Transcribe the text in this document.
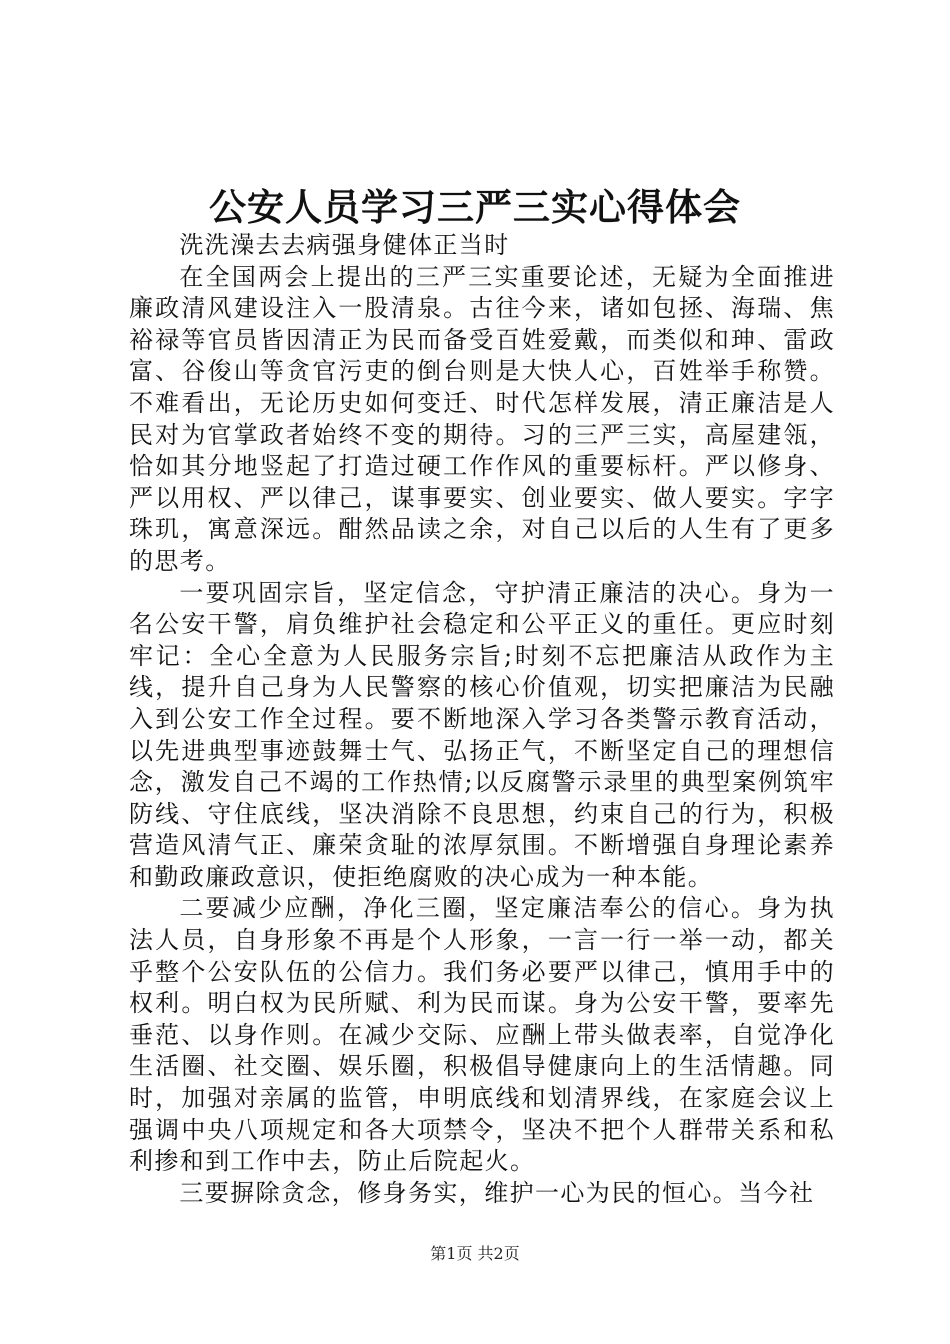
公安人员学习三严三实心得体会

洗洗澡去去病强身健体正当时

在全国两会上提出的三严三实重要论述，无疑为全面推进廉政清风建设注入一股清泉。古往今来，诸如包拯、海瑞、焦裕禄等官员皆因清正为民而备受百姓爱戴，而类似和珅、雷政富、谷俊山等贪官污吏的倒台则是大快人心，百姓举手称赞。不难看出，无论历史如何变迁、时代怎样发展，清正廉洁是人民对为官掌政者始终不变的期待。习的三严三实，高屋建瓴，恰如其分地竖起了打造过硬工作作风的重要标杆。严以修身、严以用权、严以律己，谋事要实、创业要实、做人要实。字字珠玑，寓意深远。酣然品读之余，对自己以后的人生有了更多的思考。

一要巩固宗旨，坚定信念，守护清正廉洁的决心。身为一名公安干警，肩负维护社会稳定和公平正义的重任。更应时刻牢记：全心全意为人民服务宗旨;时刻不忘把廉洁从政作为主线，提升自己身为人民警察的核心价值观，切实把廉洁为民融入到公安工作全过程。要不断地深入学习各类警示教育活动，以先进典型事迹鼓舞士气、弘扬正气，不断坚定自己的理想信念，激发自己不竭的工作热情;以反腐警示录里的典型案例筑牢防线、守住底线，坚决消除不良思想，约束自己的行为，积极营造风清气正、廉荣贪耻的浓厚氛围。不断增强自身理论素养和勤政廉政意识，使拒绝腐败的决心成为一种本能。

二要减少应酬，净化三圈，坚定廉洁奉公的信心。身为执法人员，自身形象不再是个人形象，一言一行一举一动，都关乎整个公安队伍的公信力。我们务必要严以律己，慎用手中的权利。明白权为民所赋、利为民而谋。身为公安干警，要率先垂范、以身作则。在减少交际、应酬上带头做表率，自觉净化生活圈、社交圈、娱乐圈，积极倡导健康向上的生活情趣。同时，加强对亲属的监管，申明底线和划清界线，在家庭会议上强调中央八项规定和各大项禁令，坚决不把个人群带关系和私利掺和到工作中去，防止后院起火。

三要摒除贪念，修身务实，维护一心为民的恒心。当今社

第1页 共2页
